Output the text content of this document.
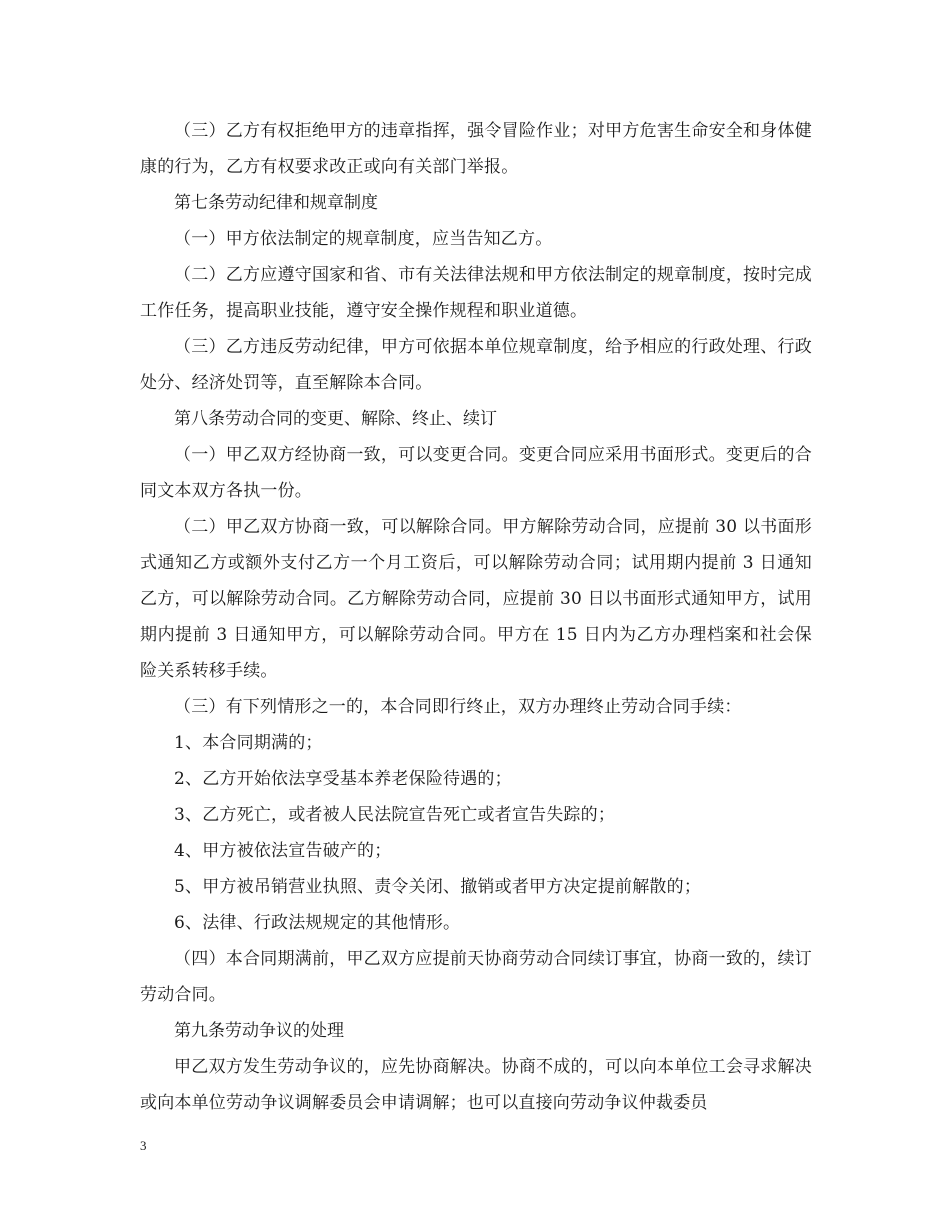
（三）乙方有权拒绝甲方的违章指挥，强令冒险作业；对甲方危害生命安全和身体健康的行为，乙方有权要求改正或向有关部门举报。

第七条劳动纪律和规章制度

（一）甲方依法制定的规章制度，应当告知乙方。

（二）乙方应遵守国家和省、市有关法律法规和甲方依法制定的规章制度，按时完成工作任务，提高职业技能，遵守安全操作规程和职业道德。

（三）乙方违反劳动纪律，甲方可依据本单位规章制度，给予相应的行政处理、行政处分、经济处罚等，直至解除本合同。

第八条劳动合同的变更、解除、终止、续订

（一）甲乙双方经协商一致，可以变更合同。变更合同应采用书面形式。变更后的合同文本双方各执一份。

（二）甲乙双方协商一致，可以解除合同。甲方解除劳动合同，应提前 30 以书面形式通知乙方或额外支付乙方一个月工资后，可以解除劳动合同；试用期内提前 3 日通知乙方，可以解除劳动合同。乙方解除劳动合同，应提前 30 日以书面形式通知甲方，试用期内提前 3 日通知甲方，可以解除劳动合同。甲方在 15 日内为乙方办理档案和社会保险关系转移手续。

（三）有下列情形之一的，本合同即行终止，双方办理终止劳动合同手续：

1、本合同期满的；

2、乙方开始依法享受基本养老保险待遇的；

3、乙方死亡，或者被人民法院宣告死亡或者宣告失踪的；

4、甲方被依法宣告破产的；

5、甲方被吊销营业执照、责令关闭、撤销或者甲方决定提前解散的；

6、法律、行政法规规定的其他情形。

（四）本合同期满前，甲乙双方应提前天协商劳动合同续订事宜，协商一致的，续订劳动合同。

第九条劳动争议的处理

甲乙双方发生劳动争议的，应先协商解决。协商不成的，可以向本单位工会寻求解决或向本单位劳动争议调解委员会申请调解；也可以直接向劳动争议仲裁委员

3
